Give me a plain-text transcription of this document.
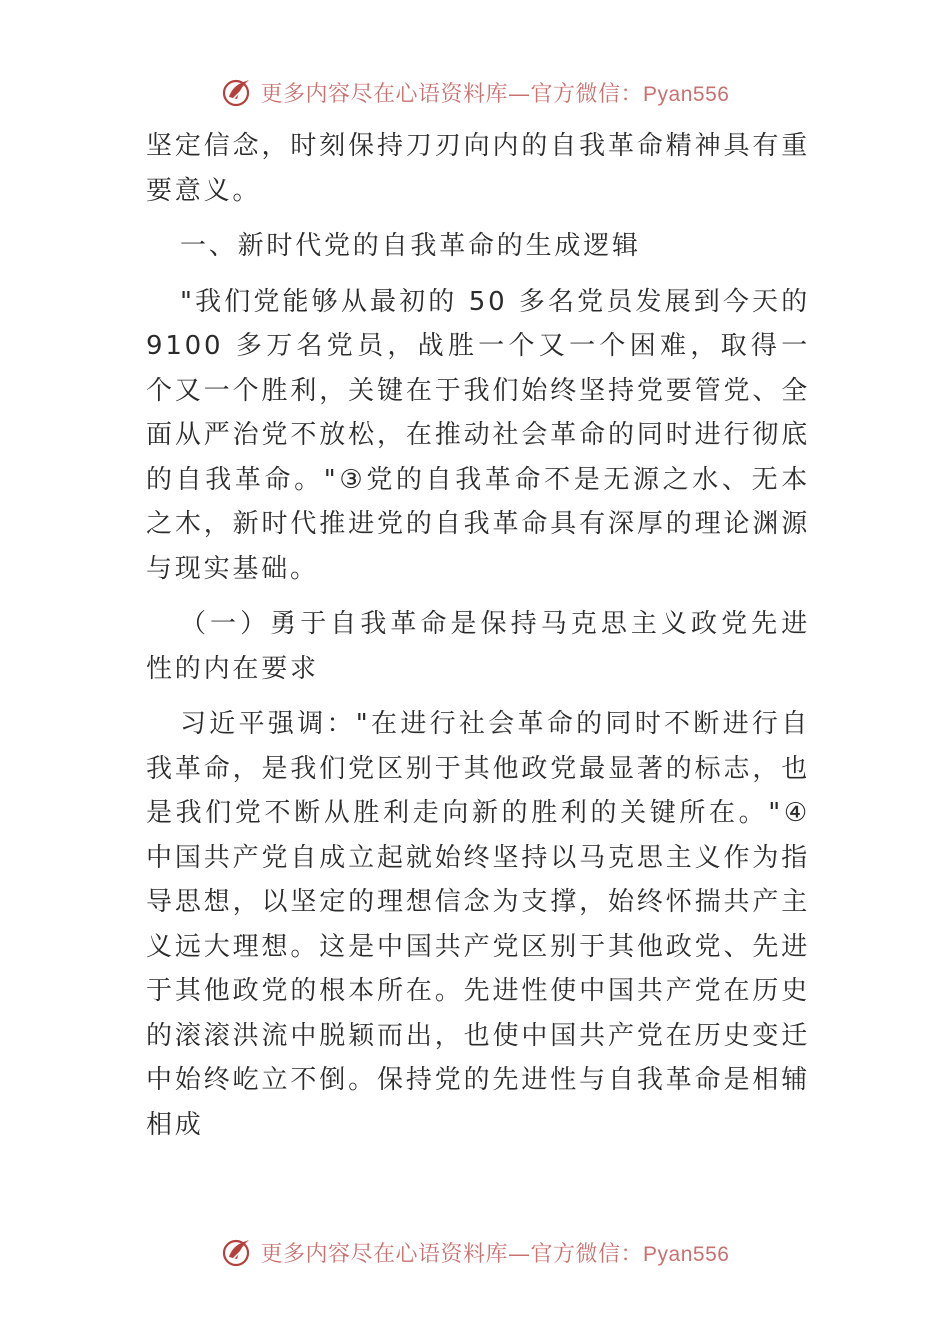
更多内容尽在心语资料库—官方微信：Pyan556

坚定信念，时刻保持刀刃向内的自我革命精神具有重要意义。

一、新时代党的自我革命的生成逻辑

"我们党能够从最初的 50 多名党员发展到今天的 9100 多万名党员，战胜一个又一个困难，取得一个又一个胜利，关键在于我们始终坚持党要管党、全面从严治党不放松，在推动社会革命的同时进行彻底的自我革命。"③党的自我革命不是无源之水、无本之木，新时代推进党的自我革命具有深厚的理论渊源与现实基础。

（一）勇于自我革命是保持马克思主义政党先进性的内在要求

习近平强调："在进行社会革命的同时不断进行自我革命，是我们党区别于其他政党最显著的标志，也是我们党不断从胜利走向新的胜利的关键所在。"④ 中国共产党自成立起就始终坚持以马克思主义作为指导思想，以坚定的理想信念为支撑，始终怀揣共产主义远大理想。这是中国共产党区别于其他政党、先进于其他政党的根本所在。先进性使中国共产党在历史的滚滚洪流中脱颖而出，也使中国共产党在历史变迁中始终屹立不倒。保持党的先进性与自我革命是相辅相成

更多内容尽在心语资料库—官方微信：Pyan556
